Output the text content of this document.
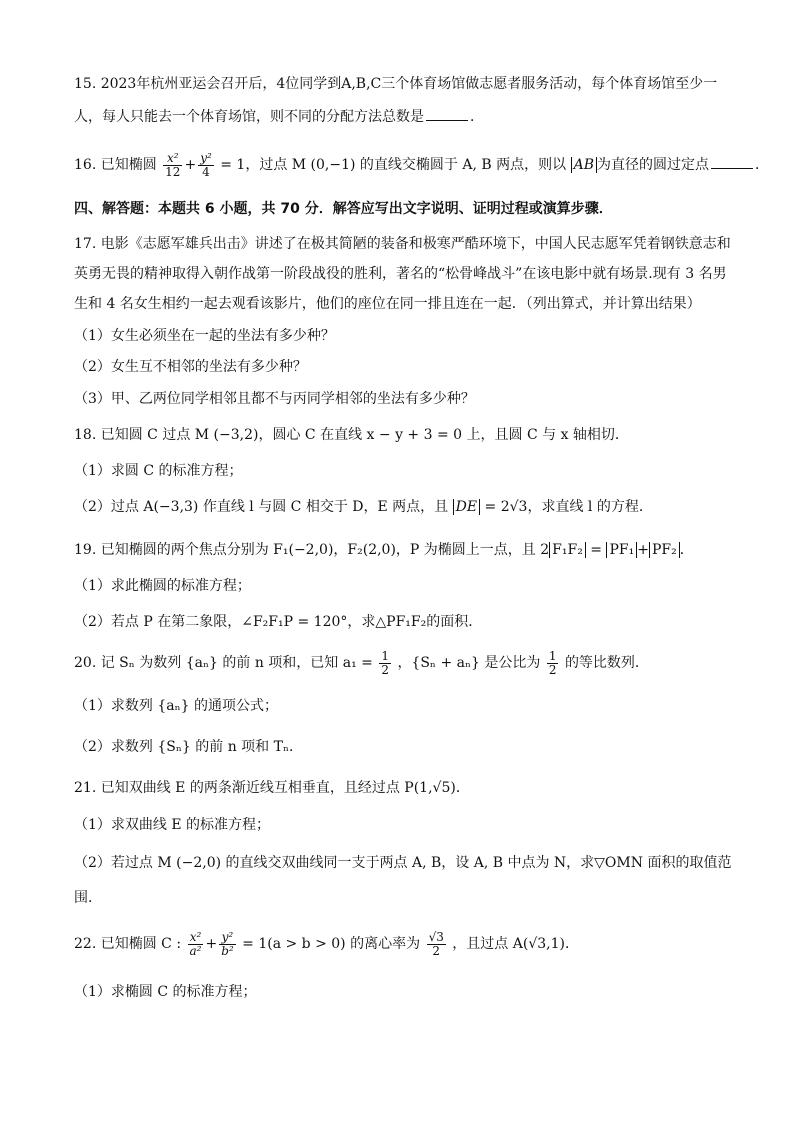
15. 2023年杭州亚运会召开后，4位同学到A,B,C三个体育场馆做志愿者服务活动，每个体育场馆至少一
人，每人只能去一个体育场馆，则不同的分配方法总数是	．
16. 已知椭圆 $\frac{\text{x²}}{12} + \frac{\text{y²}}{4} = 1$，过点 M (0,−1) 的直线交椭圆于 A, B 两点，则以 AB 为直径的圆过定点	．
四、解答题：本题共 6 小题，共 70 分．解答应写出文字说明、证明过程或演算步骤．
17. 电影《志愿军雄兵出击》讲述了在极其简陋的装备和极寒严酷环境下，中国人民志愿军凭着钢铁意志和
英勇无畏的精神取得入朝作战第一阶段战役的胜利，著名的“松骨峰战斗”在该电影中就有场景.现有 3 名男
生和 4 名女生相约一起去观看该影片，他们的座位在同一排且连在一起．（列出算式，并计算出结果）
（1）女生必须坐在一起的坐法有多少种？
（2）女生互不相邻的坐法有多少种？
（3）甲、乙两位同学相邻且都不与丙同学相邻的坐法有多少种？
18. 已知圆 C 过点 M (−3,2)，圆心 C 在直线 x − y + 3 = 0 上，且圆 C 与 x 轴相切．
（1）求圆 C 的标准方程；
（2）过点 A(−3,3) 作直线 l 与圆 C 相交于 D，E 两点，且 DE = 2√3，求直线 l 的方程．
19. 已知椭圆的两个焦点分别为 F₁(−2,0)，F₂(2,0)，P 为椭圆上一点，且 2 F₁F₂ = PF₁ + PF₂ ．
（1）求此椭圆的标准方程；
（2）若点 P 在第二象限，∠F₂F₁P = 120°，求△PF₁F₂的面积．
20. 记 Sₙ 为数列 {aₙ} 的前 n 项和，已知 $a_1 = \frac{1}{2}$ ，{Sₙ + aₙ} 是公比为 $\frac{1}{2}$ 的等比数列．
（1）求数列 {aₙ} 的通项公式；
（2）求数列 {Sₙ} 的前 n 项和 Tₙ．
21. 已知双曲线 E 的两条渐近线互相垂直，且经过点 P(1,√5)．
（1）求双曲线 E 的标准方程；
（2）若过点 M (−2,0) 的直线交双曲线同一支于两点 A, B，设 A, B 中点为 N，求▽OMN 面积的取值范
围．
22. 已知椭圆 C : $\frac{\text{x²}}{\text{a²}} + \frac{\text{y²}}{\text{b²}} = 1(a > b > 0)$ 的离心率为 $\frac{√3}{2}$ ，且过点 A(√3,1)．
（1）求椭圆 C 的标准方程；
